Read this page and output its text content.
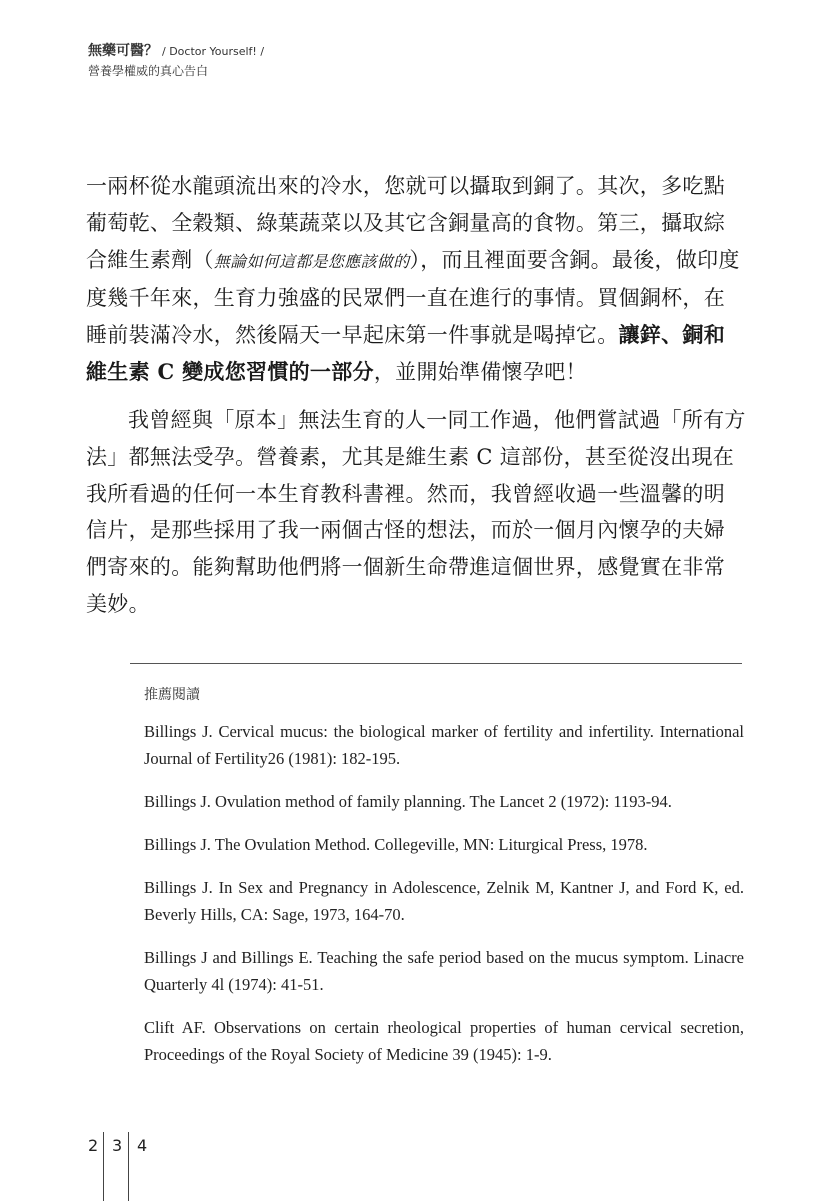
無藥可醫？ / Doctor Yourself! /
營養學權威的真心告白

一兩杯從水龍頭流出來的冷水，您就可以攝取到銅了。其次，多吃點葡萄乾、全穀類、綠葉蔬菜以及其它含銅量高的食物。第三，攝取綜合維生素劑（無論如何這都是您應該做的），而且裡面要含銅。最後，做印度度幾千年來，生育力強盛的民眾們一直在進行的事情。買個銅杯，在睡前裝滿冷水，然後隔天一早起床第一件事就是喝掉它。讓鋅、銅和維生素 C 變成您習慣的一部分，並開始準備懷孕吧！

我曾經與「原本」無法生育的人一同工作過，他們嘗試過「所有方法」都無法受孕。營養素，尤其是維生素 C 這部份，甚至從沒出現在我所看過的任何一本生育教科書裡。然而，我曾經收過一些溫馨的明信片，是那些採用了我一兩個古怪的想法，而於一個月內懷孕的夫婦們寄來的。能夠幫助他們將一個新生命帶進這個世界，感覺實在非常美妙。

推薦閱讀

Billings J. Cervical mucus: the biological marker of fertility and infertility. International Journal of Fertility26 (1981): 182-195.

Billings J. Ovulation method of family planning. The Lancet 2 (1972): 1193-94.

Billings J. The Ovulation Method. Collegeville, MN: Liturgical Press, 1978.

Billings J. In Sex and Pregnancy in Adolescence, Zelnik M, Kantner J, and Ford K, ed. Beverly Hills, CA: Sage, 1973, 164-70.

Billings J and Billings E. Teaching the safe period based on the mucus symptom. Linacre Quarterly 4l (1974): 41-51.

Clift AF. Observations on certain rheological properties of human cervical secretion, Proceedings of the Royal Society of Medicine 39 (1945): 1-9.

2 3 4
